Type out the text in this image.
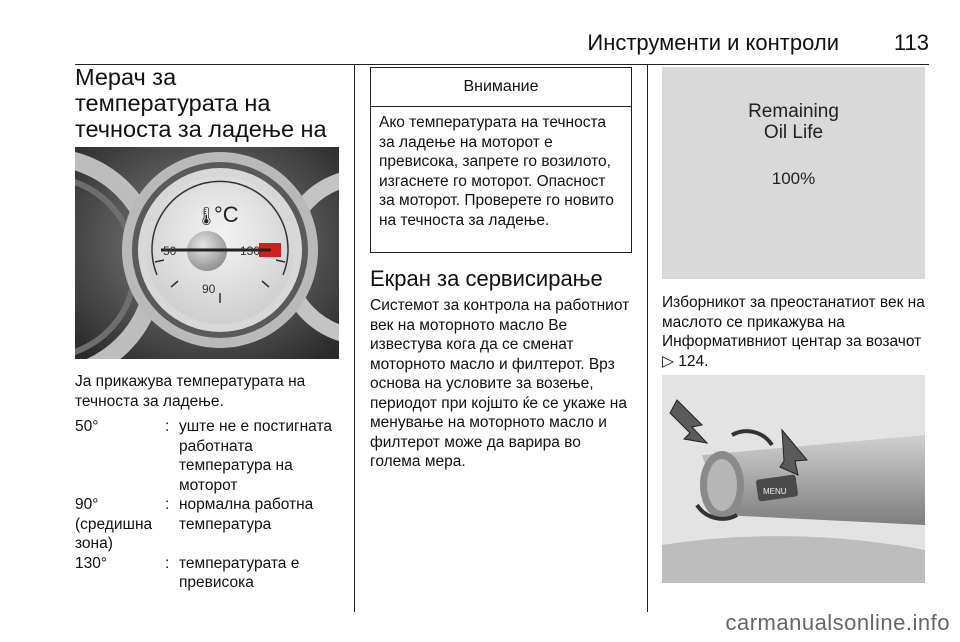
Инструменти и контроли 113
Мерач за температурата на течноста за ладење на
🌡
°C
50	130
90

Ја прикажува температурата на течноста за ладење.

50°	:	уште не е постигната работната температура на моторот
90° (средишна зона)	:	нормална работна температура
130°	:	температурата е превисока
Внимание
Ако температурата на течноста за ладење на моторот е превисока, запрете го возилото, изгаснете го моторот. Опасност за моторот. Проверете го новито на течноста за ладење.
Екран за сервисирање

Системот за контрола на работниот век на моторното масло Ве известува кога да се сменат моторното масло и филтерот. Врз основа на условите за возење, периодот при којшто ќе се укаже на менување на моторното масло и филтерот може да варира во голема мера.

Remaining
Oil Life
100%

Изборникот за преостанатиот век на маслото се прикажува на Информативниот центар за возачот ▷ 124.

MENU
carmanualsonline.info
